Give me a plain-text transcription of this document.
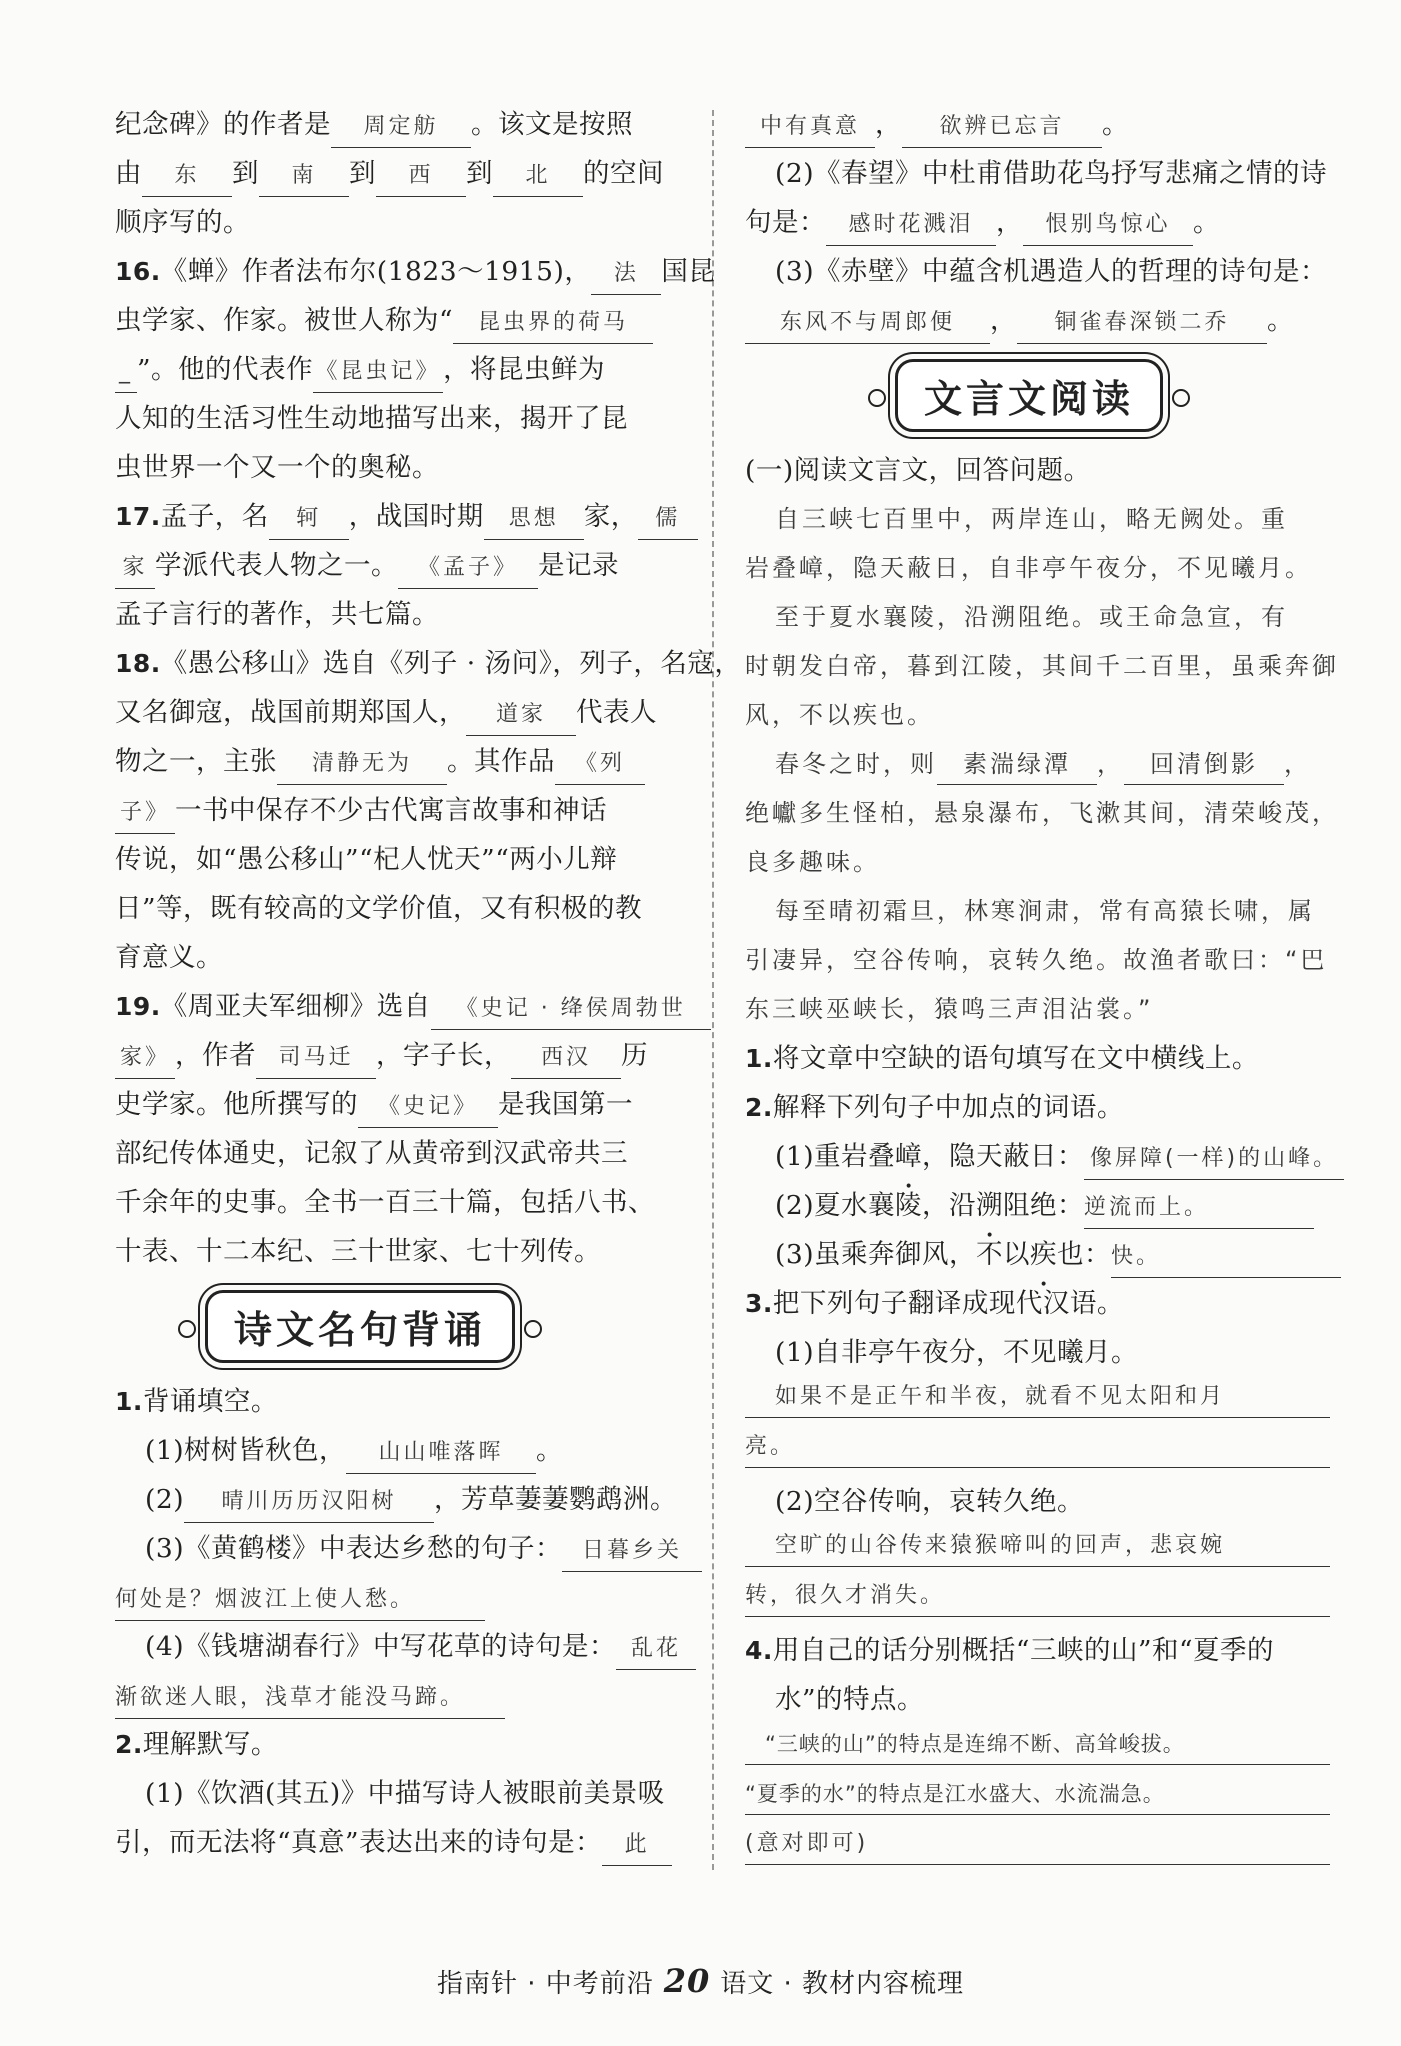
纪念碑》的作者是 周定舫 。该文是按照
由 东 到 南 到 西 到 北 的空间
顺序写的。
16.《蝉》作者法布尔(1823～1915)， 法 国昆
虫学家、作家。被世人称为“ 昆虫界的荷马
_ ”。他的代表作 《昆虫记》，将昆虫鲜为
人知的生活习性生动地描写出来，揭开了昆
虫世界一个又一个的奥秘。
17.孟子，名 轲 ，战国时期 思想 家， 儒
家 学派代表人物之一。 《孟子》 是记录
孟子言行的著作，共七篇。
18.《愚公移山》选自《列子 · 汤问》，列子，名寇，
又名御寇，战国前期郑国人， 道家 代表人
物之一，主张 清静无为 。其作品 《列
子》 一书中保存不少古代寓言故事和神话
传说，如“愚公移山”“杞人忧天”“两小儿辩
日”等，既有较高的文学价值，又有积极的教
育意义。
19.《周亚夫军细柳》选自 《史记 · 绛侯周勃世
家》 ，作者 司马迁 ，字子长， 西汉 历
史学家。他所撰写的 《史记》 是我国第一
部纪传体通史，记叙了从黄帝到汉武帝共三
千余年的史事。全书一百三十篇，包括八书、
十表、十二本纪、三十世家、七十列传。
诗文名句背诵
1.背诵填空。
(1)树树皆秋色， 山山唯落晖 。
(2) 晴川历历汉阳树 ，芳草萋萋鹦鹉洲。
(3)《黄鹤楼》中表达乡愁的句子： 日暮乡关
何处是？烟波江上使人愁。
(4)《钱塘湖春行》中写花草的诗句是： 乱花
渐欲迷人眼，浅草才能没马蹄。
2.理解默写。
(1)《饮酒(其五)》中描写诗人被眼前美景吸
引，而无法将“真意”表达出来的诗句是： 此
中有真意 ， 欲辨已忘言 。
(2)《春望》中杜甫借助花鸟抒写悲痛之情的诗
句是： 感时花溅泪 ， 恨别鸟惊心 。
(3)《赤壁》中蕴含机遇造人的哲理的诗句是：
东风不与周郎便 ， 铜雀春深锁二乔 。
文言文阅读
(一)阅读文言文，回答问题。
自三峡七百里中，两岸连山，略无阙处。重
岩叠嶂，隐天蔽日，自非亭午夜分，不见曦月。
至于夏水襄陵，沿溯阻绝。或王命急宣，有
时朝发白帝，暮到江陵，其间千二百里，虽乘奔御
风，不以疾也。
春冬之时，则 素湍绿潭 ， 回清倒影 ，
绝巘多生怪柏，悬泉瀑布，飞漱其间，清荣峻茂，
良多趣味。
每至晴初霜旦，林寒涧肃，常有高猿长啸，属
引凄异，空谷传响，哀转久绝。故渔者歌曰：“巴
东三峡巫峡长，猿鸣三声泪沾裳。”
1.将文章中空缺的语句填写在文中横线上。
2.解释下列句子中加点的词语。
(1)重岩叠嶂，隐天蔽日： 像屏障(一样)的山峰。
(2)夏水襄陵，沿溯阻绝：逆流而上。
(3)虽乘奔御风，不以疾也：快。
3.把下列句子翻译成现代汉语。
(1)自非亭午夜分，不见曦月。
如果不是正午和半夜，就看不见太阳和月
亮。
(2)空谷传响，哀转久绝。
空旷的山谷传来猿猴啼叫的回声，悲哀婉
转，很久才消失。
4.用自己的话分别概括“三峡的山”和“夏季的
水”的特点。
“三峡的山”的特点是连绵不断、高耸峻拔。
“夏季的水”的特点是江水盛大、水流湍急。
(意对即可)
指南针 · 中考前沿 20 语文 · 教材内容梳理
